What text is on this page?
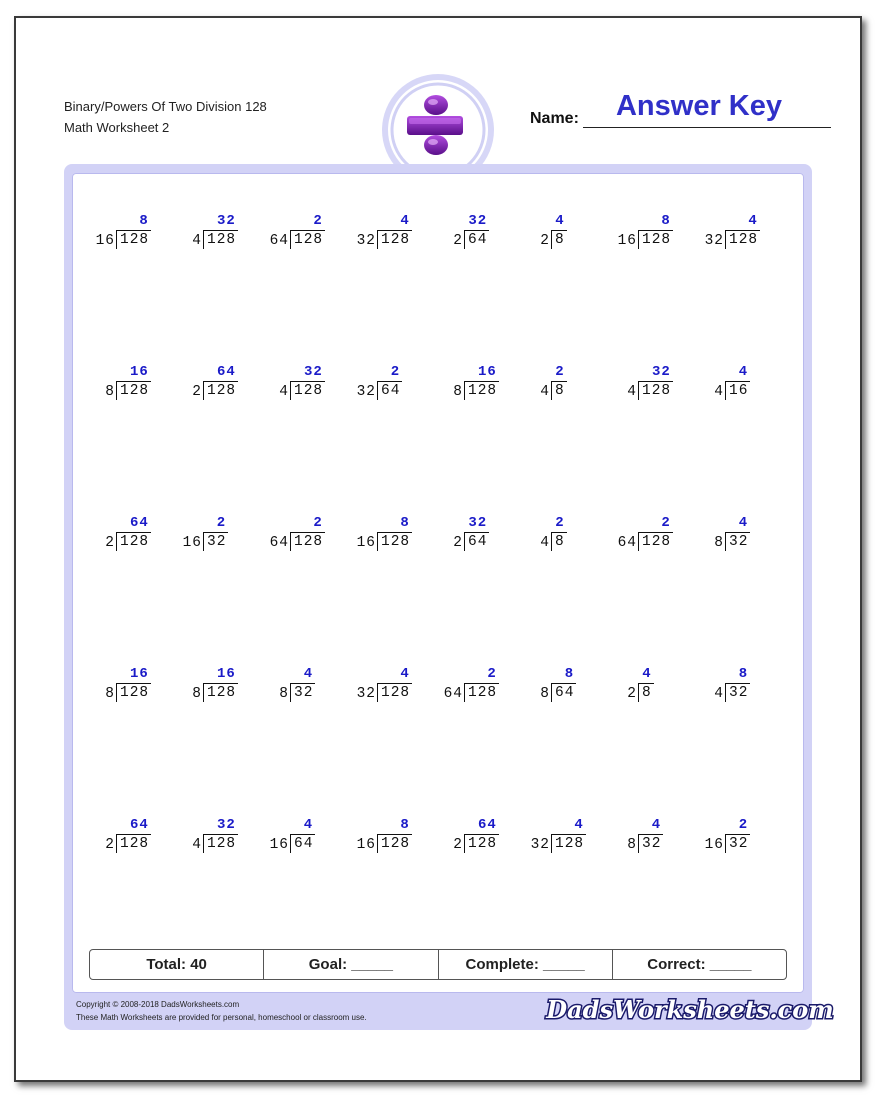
Binary/Powers Of Two Division 128
Math Worksheet 2
Answer Key
Name:
8
16 128
32
4 128
2
64 128
4
32 128
32
2 64
4
2 8
8
16 128
4
32 128
16
8 128
64
2 128
32
4 128
2
32 64
16
8 128
2
4 8
32
4 128
4
4 16
64
2 128
2
16 32
2
64 128
8
16 128
32
2 64
2
4 8
2
64 128
4
8 32
16
8 128
16
8 128
4
8 32
4
32 128
2
64 128
8
8 64
4
2 8
8
4 32
64
2 128
32
4 128
4
16 64
8
16 128
64
2 128
4
32 128
4
8 32
2
16 32
Total: 40	Goal: _____	Complete: _____	Correct: _____
Copyright © 2008-2018 DadsWorksheets.com
These Math Worksheets are provided for personal, homeschool or classroom use.	DadsWorksheets.com
